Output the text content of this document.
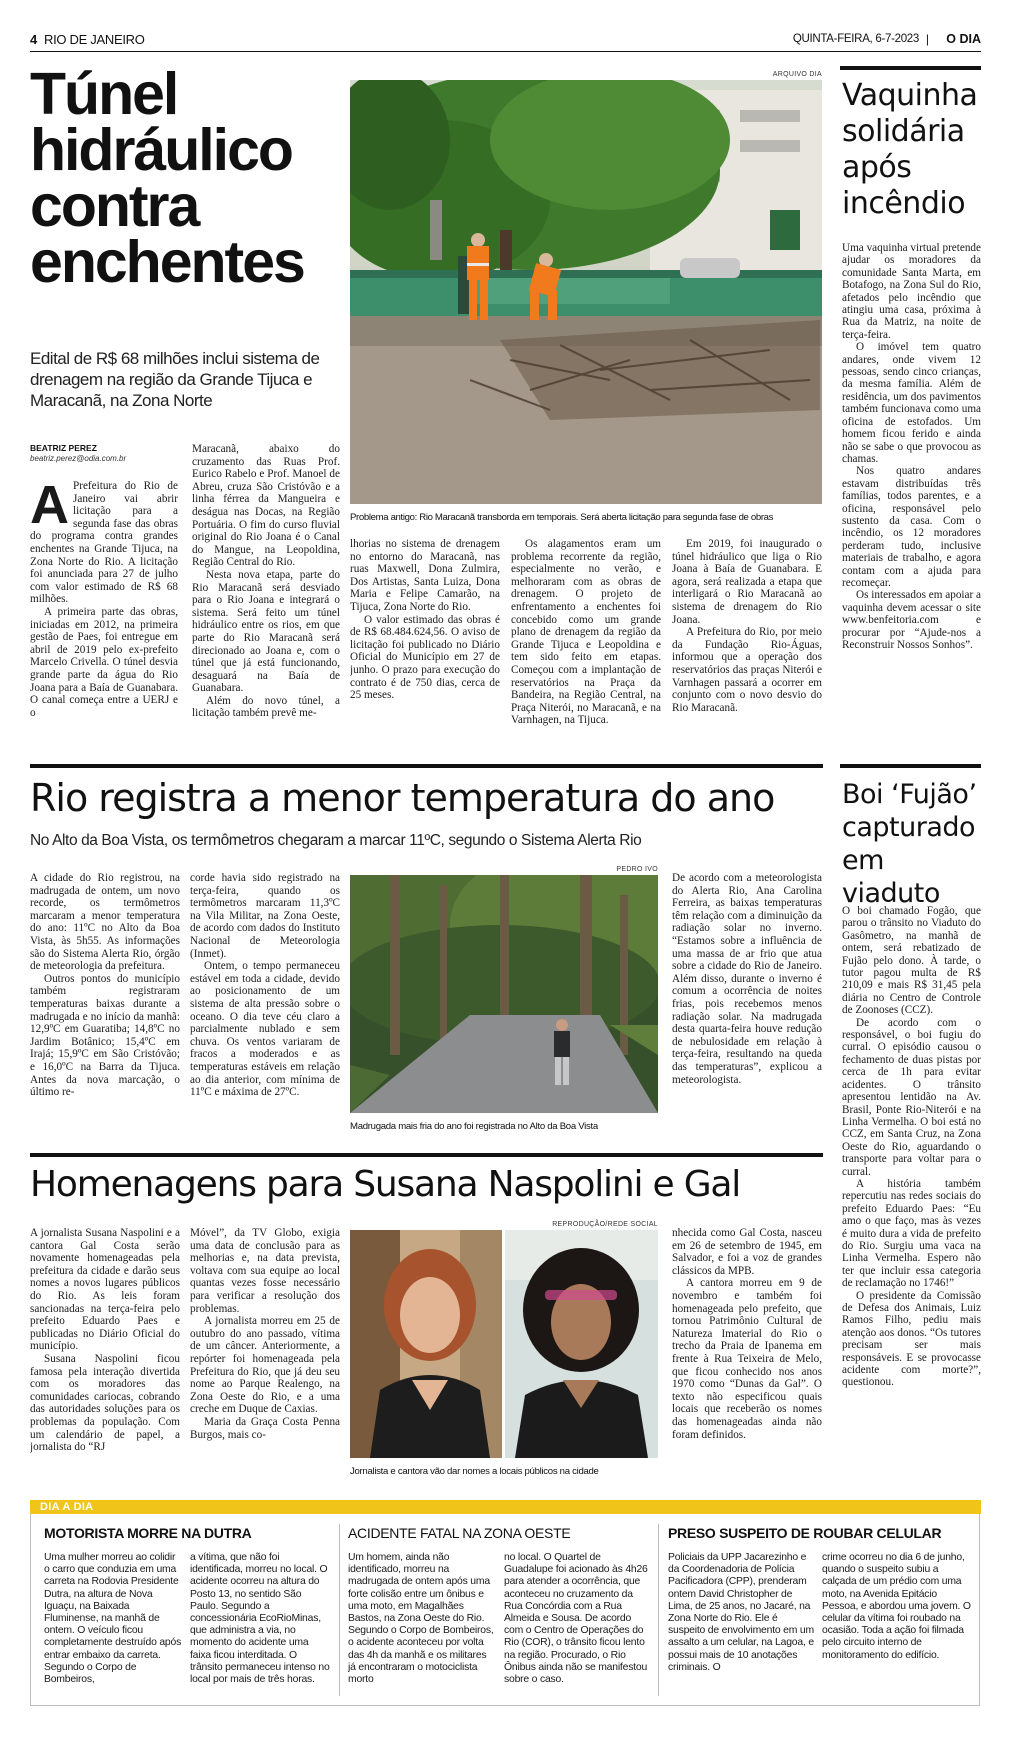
4 RIO DE JANEIRO	QUINTA-FEIRA, 6-7-2023 | O DIA
Túnel
hidráulico
contra
enchentes
Edital de R$ 68 milhões inclui sistema de drenagem na região da Grande Tijuca e Maracanã, na Zona Norte
BEATRIZ PEREZ
beatriz.perez@odia.com.br
ARQUIVO DIA
Problema antigo: Rio Maracanã transborda em temporais. Será aberta licitação para segunda fase de obras

A Prefeitura do Rio de Janeiro vai abrir licitação para a segunda fase das obras do programa contra grandes enchentes na Grande Tijuca, na Zona Norte do Rio. A licitação foi anunciada para 27 de julho com valor estimado de R$ 68 milhões.

A primeira parte das obras, iniciadas em 2012, na primeira gestão de Paes, foi entregue em abril de 2019 pelo ex-prefeito Marcelo Crivella. O túnel desvia grande parte da água do Rio Joana para a Baía de Guanabara. O canal começa entre a UERJ e o

Maracanã, abaixo do cruzamento das Ruas Prof. Eurico Rabelo e Prof. Manoel de Abreu, cruza São Cristóvão e a linha férrea da Mangueira e deságua nas Docas, na Região Portuária. O fim do curso fluvial original do Rio Joana é o Canal do Mangue, na Leopoldina, Região Central do Rio.

Nesta nova etapa, parte do Rio Maracanã será desviado para o Rio Joana e integrará o sistema. Será feito um túnel hidráulico entre os rios, em que parte do Rio Maracanã será direcionado ao Joana e, com o túnel que já está funcionando, desaguará na Baía de Guanabara.

Além do novo túnel, a licitação também prevê me-

lhorias no sistema de drenagem no entorno do Maracanã, nas ruas Maxwell, Dona Zulmira, Dos Artistas, Santa Luiza, Dona Maria e Felipe Camarão, na Tijuca, Zona Norte do Rio.

O valor estimado das obras é de R$ 68.484.624,56. O aviso de licitação foi publicado no Diário Oficial do Município em 27 de junho. O prazo para execução do contrato é de 750 dias, cerca de 25 meses.

Os alagamentos eram um problema recorrente da região, especialmente no verão, e melhoraram com as obras de drenagem. O projeto de enfrentamento a enchentes foi concebido como um grande plano de drenagem da região da Grande Tijuca e Leopoldina e tem sido feito em etapas. Começou com a implantação de reservatórios na Praça da Bandeira, na Região Central, na Praça Niterói, no Maracanã, e na Varnhagen, na Tijuca.

Em 2019, foi inaugurado o túnel hidráulico que liga o Rio Joana à Baía de Guanabara. E agora, será realizada a etapa que interligará o Rio Maracanã ao sistema de drenagem do Rio Joana.

A Prefeitura do Rio, por meio da Fundação Rio-Águas, informou que a operação dos reservatórios das praças Niterói e Varnhagen passará a ocorrer em conjunto com o novo desvio do Rio Maracanã.

Vaquinha
solidária
após
incêndio

Uma vaquinha virtual pretende ajudar os moradores da comunidade Santa Marta, em Botafogo, na Zona Sul do Rio, afetados pelo incêndio que atingiu uma casa, próxima à Rua da Matriz, na noite de terça-feira.

O imóvel tem quatro andares, onde vivem 12 pessoas, sendo cinco crianças, da mesma família. Além de residência, um dos pavimentos também funcionava como uma oficina de estofados. Um homem ficou ferido e ainda não se sabe o que provocou as chamas.

Nos quatro andares estavam distribuídas três famílias, todos parentes, e a oficina, responsável pelo sustento da casa. Com o incêndio, os 12 moradores perderam tudo, inclusive materiais de trabalho, e agora contam com a ajuda para recomeçar.

Os interessados em apoiar a vaquinha devem acessar o site www.benfeitoria.com e procurar por “Ajude-nos a Reconstruir Nossos Sonhos”.

Rio registra a menor temperatura do ano
No Alto da Boa Vista, os termômetros chegaram a marcar 11ºC, segundo o Sistema Alerta Rio

A cidade do Rio registrou, na madrugada de ontem, um novo recorde, os termômetros marcaram a menor temperatura do ano: 11ºC no Alto da Boa Vista, às 5h55. As informações são do Sistema Alerta Rio, órgão de meteorologia da prefeitura.

Outros pontos do município também registraram temperaturas baixas durante a madrugada e no início da manhã: 12,9ºC em Guaratiba; 14,8ºC no Jardim Botânico; 15,4ºC em Irajá; 15,9ºC em São Cristóvão; e 16,0ºC na Barra da Tijuca. Antes da nova marcação, o último re-

corde havia sido registrado na terça-feira, quando os termômetros marcaram 11,3ºC na Vila Militar, na Zona Oeste, de acordo com dados do Instituto Nacional de Meteorologia (Inmet).

Ontem, o tempo permaneceu estável em toda a cidade, devido ao posicionamento de um sistema de alta pressão sobre o oceano. O dia teve céu claro a parcialmente nublado e sem chuva. Os ventos variaram de fracos a moderados e as temperaturas estáveis em relação ao dia anterior, com mínima de 11ºC e máxima de 27ºC.

PEDRO IVO
Madrugada mais fria do ano foi registrada no Alto da Boa Vista

De acordo com a meteorologista do Alerta Rio, Ana Carolina Ferreira, as baixas temperaturas têm relação com a diminuição da radiação solar no inverno. “Estamos sobre a influência de uma massa de ar frio que atua sobre a cidade do Rio de Janeiro. Além disso, durante o inverno é comum a ocorrência de noites frias, pois recebemos menos radiação solar. Na madrugada desta quarta-feira houve redução de nebulosidade em relação à terça-feira, resultando na queda das temperaturas”, explicou a meteorologista.

Boi ‘Fujão’
capturado
em viaduto

O boi chamado Fogão, que parou o trânsito no Viaduto do Gasômetro, na manhã de ontem, será rebatizado de Fujão pelo dono. À tarde, o tutor pagou multa de R$ 210,09 e mais R$ 31,45 pela diária no Centro de Controle de Zoonoses (CCZ).

De acordo com o responsável, o boi fugiu do curral. O episódio causou o fechamento de duas pistas por cerca de 1h para evitar acidentes. O trânsito apresentou lentidão na Av. Brasil, Ponte Rio-Niterói e na Linha Vermelha. O boi está no CCZ, em Santa Cruz, na Zona Oeste do Rio, aguardando o transporte para voltar para o curral.

A história também repercutiu nas redes sociais do prefeito Eduardo Paes: “Eu amo o que faço, mas às vezes é muito dura a vida de prefeito do Rio. Surgiu uma vaca na Linha Vermelha. Espero não ter que incluir essa categoria de reclamação no 1746!”

O presidente da Comissão de Defesa dos Animais, Luiz Ramos Filho, pediu mais atenção aos donos. “Os tutores precisam ser mais responsáveis. E se provocasse acidente com morte?”, questionou.

Homenagens para Susana Naspolini e Gal

A jornalista Susana Naspolini e a cantora Gal Costa serão novamente homenageadas pela prefeitura da cidade e darão seus nomes a novos lugares públicos do Rio. As leis foram sancionadas na terça-feira pelo prefeito Eduardo Paes e publicadas no Diário Oficial do município.

Susana Naspolini ficou famosa pela interação divertida com os moradores das comunidades cariocas, cobrando das autoridades soluções para os problemas da população. Com um calendário de papel, a jornalista do “RJ

Móvel”, da TV Globo, exigia uma data de conclusão para as melhorias e, na data prevista, voltava com sua equipe ao local quantas vezes fosse necessário para verificar a resolução dos problemas.

A jornalista morreu em 25 de outubro do ano passado, vítima de um câncer. Anteriormente, a repórter foi homenageada pela Prefeitura do Rio, que já deu seu nome ao Parque Realengo, na Zona Oeste do Rio, e a uma creche em Duque de Caxias.

Maria da Graça Costa Penna Burgos, mais co-

REPRODUÇÃO/REDE SOCIAL
Jornalista e cantora vão dar nomes a locais públicos na cidade

nhecida como Gal Costa, nasceu em 26 de setembro de 1945, em Salvador, e foi a voz de grandes clássicos da MPB.

A cantora morreu em 9 de novembro e também foi homenageada pelo prefeito, que tornou Patrimônio Cultural de Natureza Imaterial do Rio o trecho da Praia de Ipanema em frente à Rua Teixeira de Melo, que ficou conhecido nos anos 1970 como “Dunas da Gal”. O texto não especificou quais locais que receberão os nomes das homenageadas ainda não foram definidos.

DIA A DIA
MOTORISTA MORRE NA DUTRA

Uma mulher morreu ao colidir o carro que conduzia em uma carreta na Rodovia Presidente Dutra, na altura de Nova Iguaçu, na Baixada Fluminense, na manhã de ontem. O veículo ficou completamente destruído após entrar embaixo da carreta. Segundo o Corpo de Bombeiros,

a vítima, que não foi identificada, morreu no local. O acidente ocorreu na altura do Posto 13, no sentido São Paulo. Segundo a concessionária EcoRioMinas, que administra a via, no momento do acidente uma faixa ficou interditada. O trânsito permaneceu intenso no local por mais de três horas.

ACIDENTE FATAL NA ZONA OESTE

Um homem, ainda não identificado, morreu na madrugada de ontem após uma forte colisão entre um ônibus e uma moto, em Magalhães Bastos, na Zona Oeste do Rio. Segundo o Corpo de Bombeiros, o acidente aconteceu por volta das 4h da manhã e os militares já encontraram o motociclista morto

no local. O Quartel de Guadalupe foi acionado às 4h26 para atender a ocorrência, que aconteceu no cruzamento da Rua Concórdia com a Rua Almeida e Sousa. De acordo com o Centro de Operações do Rio (COR), o trânsito ficou lento na região. Procurado, o Rio Ônibus ainda não se manifestou sobre o caso.

PRESO SUSPEITO DE ROUBAR CELULAR

Policiais da UPP Jacarezinho e da Coordenadoria de Polícia Pacificadora (CPP), prenderam ontem David Christopher de Lima, de 25 anos, no Jacaré, na Zona Norte do Rio. Ele é suspeito de envolvimento em um assalto a um celular, na Lagoa, e possui mais de 10 anotações criminais. O

crime ocorreu no dia 6 de junho, quando o suspeito subiu a calçada de um prédio com uma moto, na Avenida Epitácio Pessoa, e abordou uma jovem. O celular da vítima foi roubado na ocasião. Toda a ação foi filmada pelo circuito interno de monitoramento do edifício.
